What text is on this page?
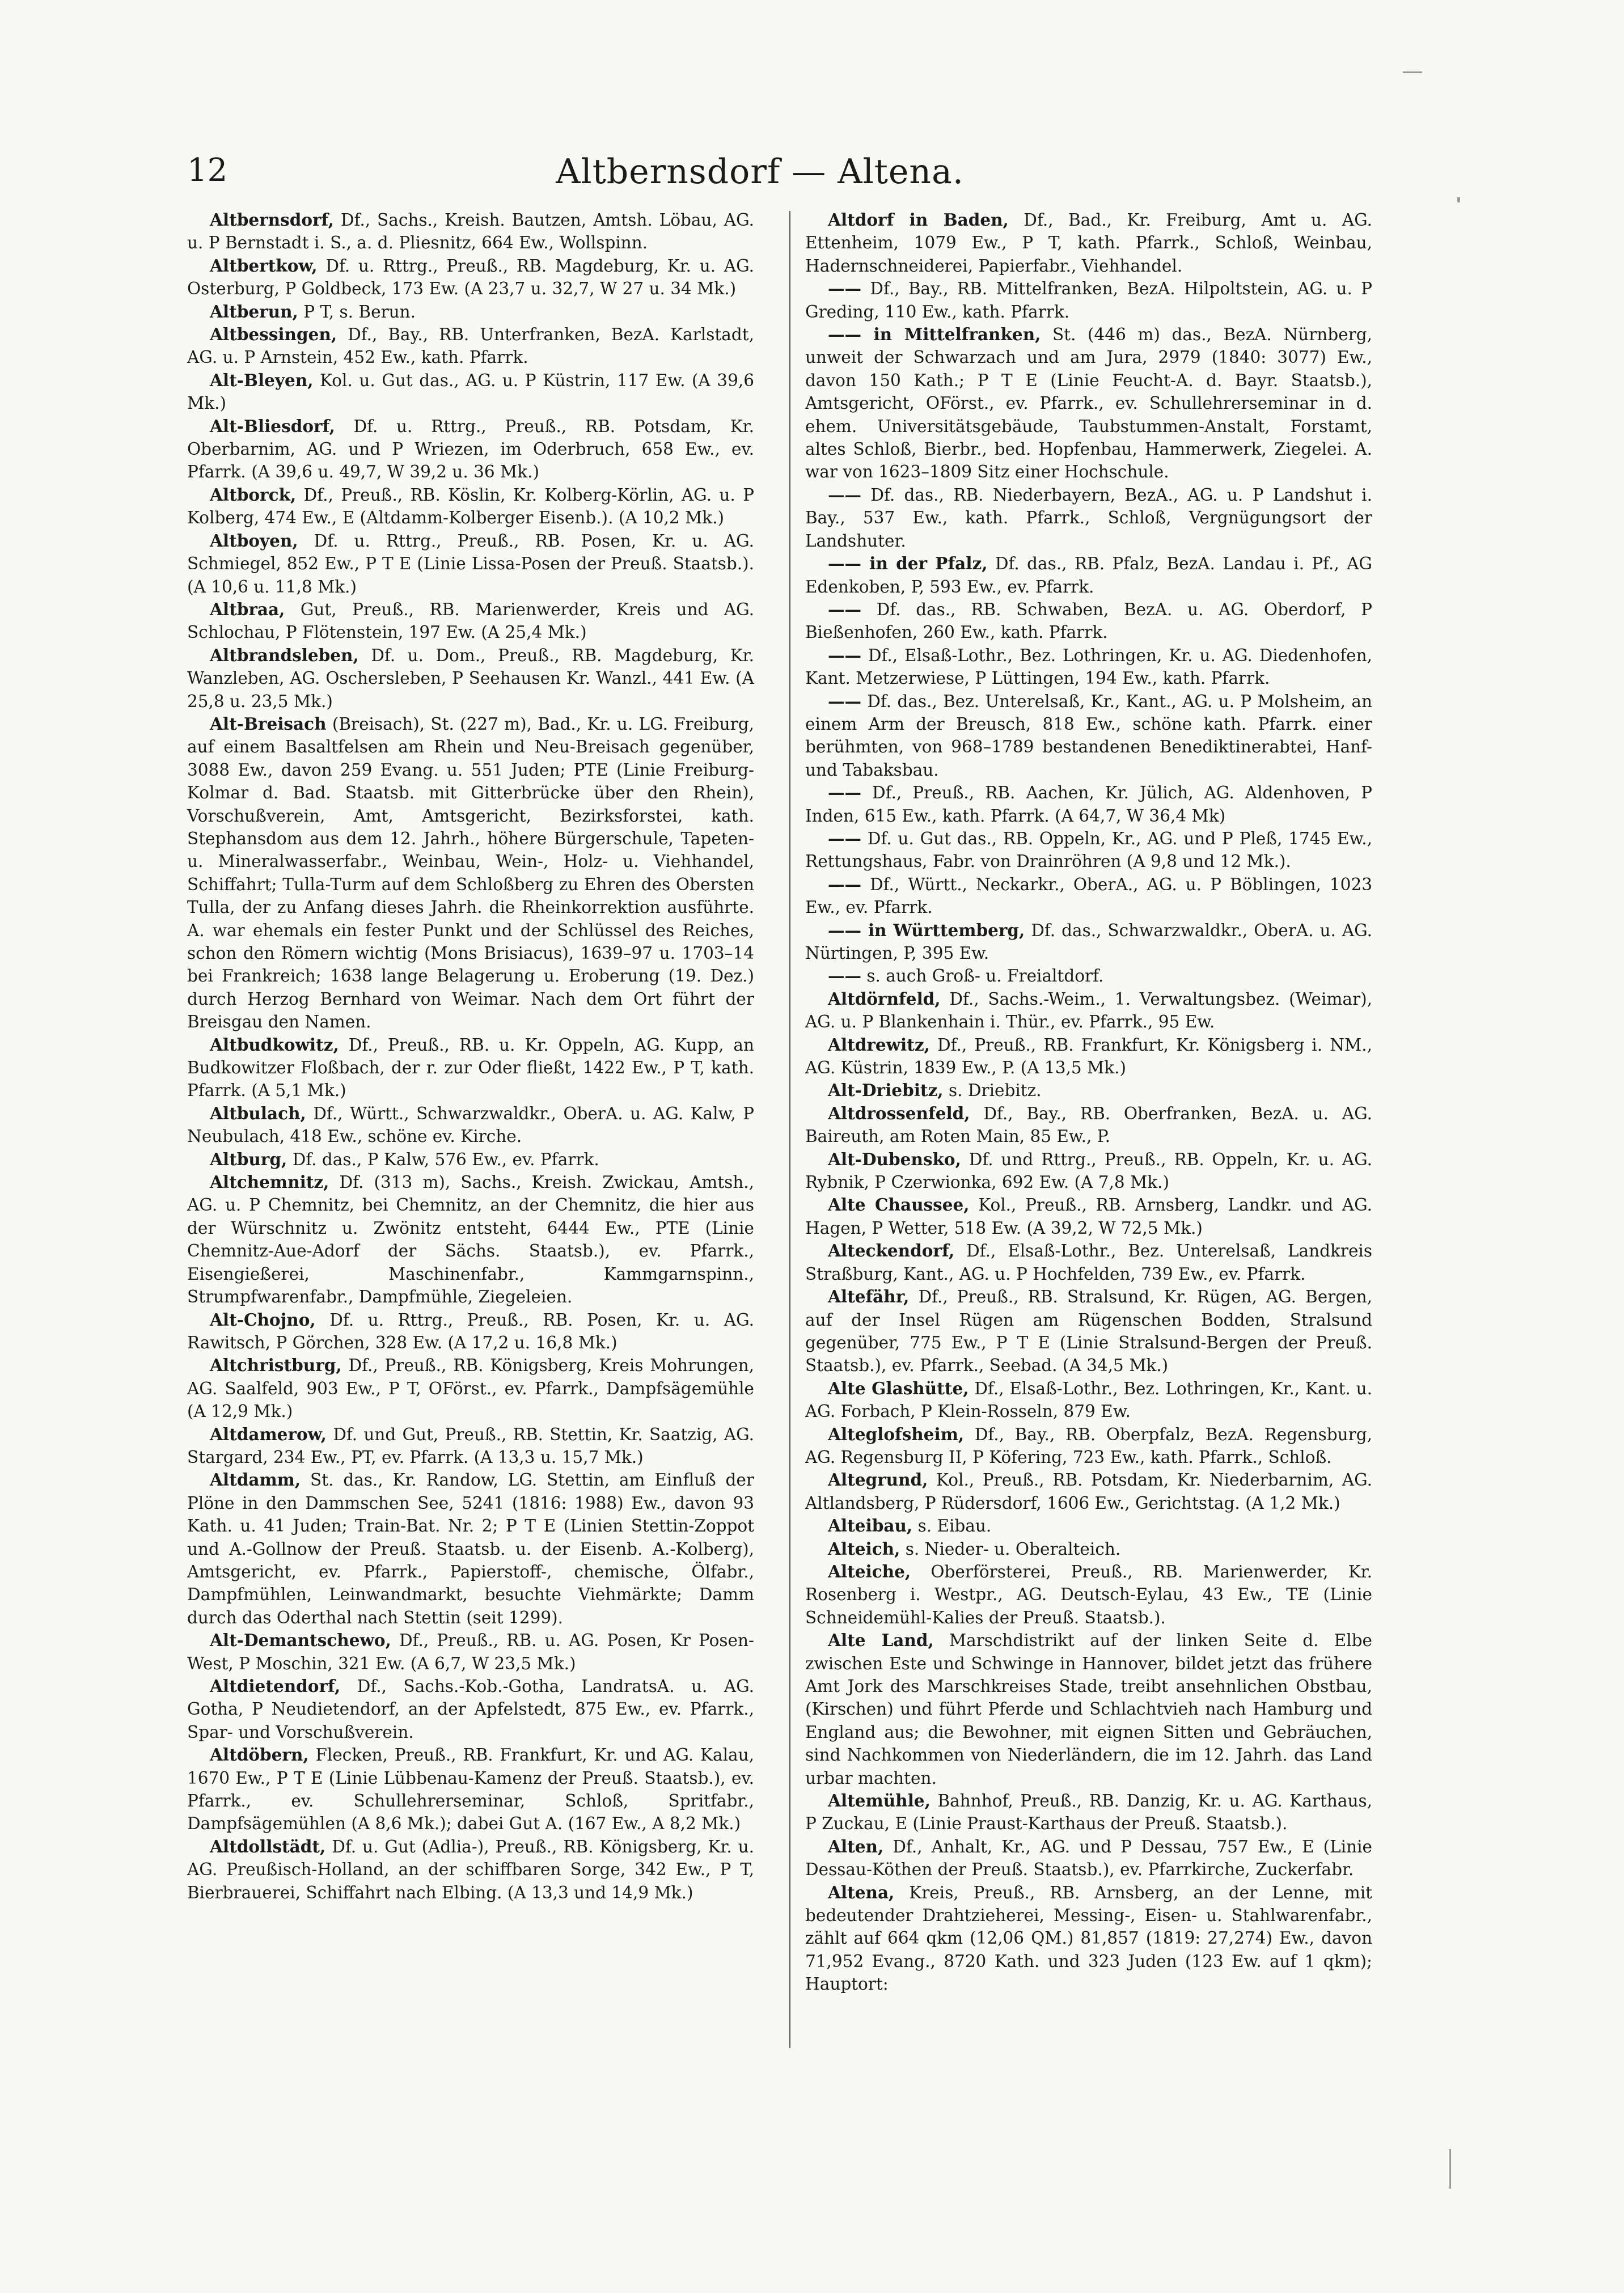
12	Altbernsdorf — Altena.

Altbernsdorf, Df., Sachs., Kreish. Bautzen, Amtsh. Löbau, AG. u. P Bernstadt i. S., a. d. Pliesnitz, 664 Ew., Wollspinn.

Altbertkow, Df. u. Rttrg., Preuß., RB. Magdeburg, Kr. u. AG. Osterburg, P Goldbeck, 173 Ew. (A 23,7 u. 32,7, W 27 u. 34 Mk.)

Altberun, P T, s. Berun.

Altbessingen, Df., Bay., RB. Unterfranken, BezA. Karlstadt, AG. u. P Arnstein, 452 Ew., kath. Pfarrk.

Alt-Bleyen, Kol. u. Gut das., AG. u. P Küstrin, 117 Ew. (A 39,6 Mk.)

Alt-Bliesdorf, Df. u. Rttrg., Preuß., RB. Potsdam, Kr. Oberbarnim, AG. und P Wriezen, im Oderbruch, 658 Ew., ev. Pfarrk. (A 39,6 u. 49,7, W 39,2 u. 36 Mk.)

Altborck, Df., Preuß., RB. Köslin, Kr. Kolberg-Körlin, AG. u. P Kolberg, 474 Ew., E (Altdamm-Kolberger Eisenb.). (A 10,2 Mk.)

Altboyen, Df. u. Rttrg., Preuß., RB. Posen, Kr. u. AG. Schmiegel, 852 Ew., P T E (Linie Lissa-Posen der Preuß. Staatsb.). (A 10,6 u. 11,8 Mk.)

Altbraa, Gut, Preuß., RB. Marienwerder, Kreis und AG. Schlochau, P Flötenstein, 197 Ew. (A 25,4 Mk.)

Altbrandsleben, Df. u. Dom., Preuß., RB. Magdeburg, Kr. Wanzleben, AG. Oschersleben, P Seehausen Kr. Wanzl., 441 Ew. (A 25,8 u. 23,5 Mk.)

Alt-Breisach (Breisach), St. (227 m), Bad., Kr. u. LG. Freiburg, auf einem Basaltfelsen am Rhein und Neu-Breisach gegenüber, 3088 Ew., davon 259 Evang. u. 551 Juden; PTE (Linie Freiburg-Kolmar d. Bad. Staatsb. mit Gitterbrücke über den Rhein), Vorschußverein, Amt, Amtsgericht, Bezirksforstei, kath. Stephansdom aus dem 12. Jahrh., höhere Bürgerschule, Tapeten- u. Mineralwasserfabr., Weinbau, Wein-, Holz- u. Viehhandel, Schiffahrt; Tulla-Turm auf dem Schloßberg zu Ehren des Obersten Tulla, der zu Anfang dieses Jahrh. die Rheinkorrektion ausführte. A. war ehemals ein fester Punkt und der Schlüssel des Reiches, schon den Römern wichtig (Mons Brisiacus), 1639–97 u. 1703–14 bei Frankreich; 1638 lange Belagerung u. Eroberung (19. Dez.) durch Herzog Bernhard von Weimar. Nach dem Ort führt der Breisgau den Namen.

Altbudkowitz, Df., Preuß., RB. u. Kr. Oppeln, AG. Kupp, an Budkowitzer Floßbach, der r. zur Oder fließt, 1422 Ew., P T, kath. Pfarrk. (A 5,1 Mk.)

Altbulach, Df., Württ., Schwarzwaldkr., OberA. u. AG. Kalw, P Neubulach, 418 Ew., schöne ev. Kirche.

Altburg, Df. das., P Kalw, 576 Ew., ev. Pfarrk.

Altchemnitz, Df. (313 m), Sachs., Kreish. Zwickau, Amtsh., AG. u. P Chemnitz, bei Chemnitz, an der Chemnitz, die hier aus der Würschnitz u. Zwönitz entsteht, 6444 Ew., PTE (Linie Chemnitz-Aue-Adorf der Sächs. Staatsb.), ev. Pfarrk., Eisengießerei, Maschinenfabr., Kammgarnspinn., Strumpfwarenfabr., Dampfmühle, Ziegeleien.

Alt-Chojno, Df. u. Rttrg., Preuß., RB. Posen, Kr. u. AG. Rawitsch, P Görchen, 328 Ew. (A 17,2 u. 16,8 Mk.)

Altchristburg, Df., Preuß., RB. Königsberg, Kreis Mohrungen, AG. Saalfeld, 903 Ew., P T, OFörst., ev. Pfarrk., Dampfsägemühle (A 12,9 Mk.)

Altdamerow, Df. und Gut, Preuß., RB. Stettin, Kr. Saatzig, AG. Stargard, 234 Ew., PT, ev. Pfarrk. (A 13,3 u. 15,7 Mk.)

Altdamm, St. das., Kr. Randow, LG. Stettin, am Einfluß der Plöne in den Dammschen See, 5241 (1816: 1988) Ew., davon 93 Kath. u. 41 Juden; Train-Bat. Nr. 2; P T E (Linien Stettin-Zoppot und A.-Gollnow der Preuß. Staatsb. u. der Eisenb. A.-Kolberg), Amtsgericht, ev. Pfarrk., Papierstoff-, chemische, Ölfabr., Dampfmühlen, Leinwandmarkt, besuchte Viehmärkte; Damm durch das Oderthal nach Stettin (seit 1299).

Alt-Demantschewo, Df., Preuß., RB. u. AG. Posen, Kr Posen-West, P Moschin, 321 Ew. (A 6,7, W 23,5 Mk.)

Altdietendorf, Df., Sachs.-Kob.-Gotha, LandratsA. u. AG. Gotha, P Neudietendorf, an der Apfelstedt, 875 Ew., ev. Pfarrk., Spar- und Vorschußverein.

Altdöbern, Flecken, Preuß., RB. Frankfurt, Kr. und AG. Kalau, 1670 Ew., P T E (Linie Lübbenau-Kamenz der Preuß. Staatsb.), ev. Pfarrk., ev. Schullehrerseminar, Schloß, Spritfabr., Dampfsägemühlen (A 8,6 Mk.); dabei Gut A. (167 Ew., A 8,2 Mk.)

Altdollstädt, Df. u. Gut (Adlia-), Preuß., RB. Königsberg, Kr. u. AG. Preußisch-Holland, an der schiffbaren Sorge, 342 Ew., P T, Bierbrauerei, Schiffahrt nach Elbing. (A 13,3 und 14,9 Mk.)

Altdorf in Baden, Df., Bad., Kr. Freiburg, Amt u. AG. Ettenheim, 1079 Ew., P T, kath. Pfarrk., Schloß, Weinbau, Hadernschneiderei, Papierfabr., Viehhandel.

—— Df., Bay., RB. Mittelfranken, BezA. Hilpoltstein, AG. u. P Greding, 110 Ew., kath. Pfarrk.

—— in Mittelfranken, St. (446 m) das., BezA. Nürnberg, unweit der Schwarzach und am Jura, 2979 (1840: 3077) Ew., davon 150 Kath.; P T E (Linie Feucht-A. d. Bayr. Staatsb.), Amtsgericht, OFörst., ev. Pfarrk., ev. Schullehrerseminar in d. ehem. Universitätsgebäude, Taubstummen-Anstalt, Forstamt, altes Schloß, Bierbr., bed. Hopfenbau, Hammerwerk, Ziegelei. A. war von 1623–1809 Sitz einer Hochschule.

—— Df. das., RB. Niederbayern, BezA., AG. u. P Landshut i. Bay., 537 Ew., kath. Pfarrk., Schloß, Vergnügungsort der Landshuter.

—— in der Pfalz, Df. das., RB. Pfalz, BezA. Landau i. Pf., AG Edenkoben, P, 593 Ew., ev. Pfarrk.

—— Df. das., RB. Schwaben, BezA. u. AG. Oberdorf, P Bießenhofen, 260 Ew., kath. Pfarrk.

—— Df., Elsaß-Lothr., Bez. Lothringen, Kr. u. AG. Diedenhofen, Kant. Metzerwiese, P Lüttingen, 194 Ew., kath. Pfarrk.

—— Df. das., Bez. Unterelsaß, Kr., Kant., AG. u. P Molsheim, an einem Arm der Breusch, 818 Ew., schöne kath. Pfarrk. einer berühmten, von 968–1789 bestandenen Benediktinerabtei, Hanf- und Tabaksbau.

—— Df., Preuß., RB. Aachen, Kr. Jülich, AG. Aldenhoven, P Inden, 615 Ew., kath. Pfarrk. (A 64,7, W 36,4 Mk)

—— Df. u. Gut das., RB. Oppeln, Kr., AG. und P Pleß, 1745 Ew., Rettungshaus, Fabr. von Drainröhren (A 9,8 und 12 Mk.).

—— Df., Württ., Neckarkr., OberA., AG. u. P Böblingen, 1023 Ew., ev. Pfarrk.

—— in Württemberg, Df. das., Schwarzwaldkr., OberA. u. AG. Nürtingen, P, 395 Ew.

—— s. auch Groß- u. Freialtdorf.

Altdörnfeld, Df., Sachs.-Weim., 1. Verwaltungsbez. (Weimar), AG. u. P Blankenhain i. Thür., ev. Pfarrk., 95 Ew.

Altdrewitz, Df., Preuß., RB. Frankfurt, Kr. Königsberg i. NM., AG. Küstrin, 1839 Ew., P. (A 13,5 Mk.)

Alt-Driebitz, s. Driebitz.

Altdrossenfeld, Df., Bay., RB. Oberfranken, BezA. u. AG. Baireuth, am Roten Main, 85 Ew., P.

Alt-Dubensko, Df. und Rttrg., Preuß., RB. Oppeln, Kr. u. AG. Rybnik, P Czerwionka, 692 Ew. (A 7,8 Mk.)

Alte Chaussee, Kol., Preuß., RB. Arnsberg, Landkr. und AG. Hagen, P Wetter, 518 Ew. (A 39,2, W 72,5 Mk.)

Alteckendorf, Df., Elsaß-Lothr., Bez. Unterelsaß, Landkreis Straßburg, Kant., AG. u. P Hochfelden, 739 Ew., ev. Pfarrk.

Altefähr, Df., Preuß., RB. Stralsund, Kr. Rügen, AG. Bergen, auf der Insel Rügen am Rügenschen Bodden, Stralsund gegenüber, 775 Ew., P T E (Linie Stralsund-Bergen der Preuß. Staatsb.), ev. Pfarrk., Seebad. (A 34,5 Mk.)

Alte Glashütte, Df., Elsaß-Lothr., Bez. Lothringen, Kr., Kant. u. AG. Forbach, P Klein-Rosseln, 879 Ew.

Alteglofsheim, Df., Bay., RB. Oberpfalz, BezA. Regensburg, AG. Regensburg II, P Köfering, 723 Ew., kath. Pfarrk., Schloß.

Altegrund, Kol., Preuß., RB. Potsdam, Kr. Niederbarnim, AG. Altlandsberg, P Rüdersdorf, 1606 Ew., Gerichtstag. (A 1,2 Mk.)

Alteibau, s. Eibau.

Alteich, s. Nieder- u. Oberalteich.

Alteiche, Oberförsterei, Preuß., RB. Marienwerder, Kr. Rosenberg i. Westpr., AG. Deutsch-Eylau, 43 Ew., TE (Linie Schneidemühl-Kalies der Preuß. Staatsb.).

Alte Land, Marschdistrikt auf der linken Seite d. Elbe zwischen Este und Schwinge in Hannover, bildet jetzt das frühere Amt Jork des Marschkreises Stade, treibt ansehnlichen Obstbau, (Kirschen) und führt Pferde und Schlachtvieh nach Hamburg und England aus; die Bewohner, mit eignen Sitten und Gebräuchen, sind Nachkommen von Niederländern, die im 12. Jahrh. das Land urbar machten.

Altemühle, Bahnhof, Preuß., RB. Danzig, Kr. u. AG. Karthaus, P Zuckau, E (Linie Praust-Karthaus der Preuß. Staatsb.).

Alten, Df., Anhalt, Kr., AG. und P Dessau, 757 Ew., E (Linie Dessau-Köthen der Preuß. Staatsb.), ev. Pfarrkirche, Zuckerfabr.

Altena, Kreis, Preuß., RB. Arnsberg, an der Lenne, mit bedeutender Drahtzieherei, Messing-, Eisen- u. Stahlwarenfabr., zählt auf 664 qkm (12,06 QM.) 81,857 (1819: 27,274) Ew., davon 71,952 Evang., 8720 Kath. und 323 Juden (123 Ew. auf 1 qkm); Hauptort:
